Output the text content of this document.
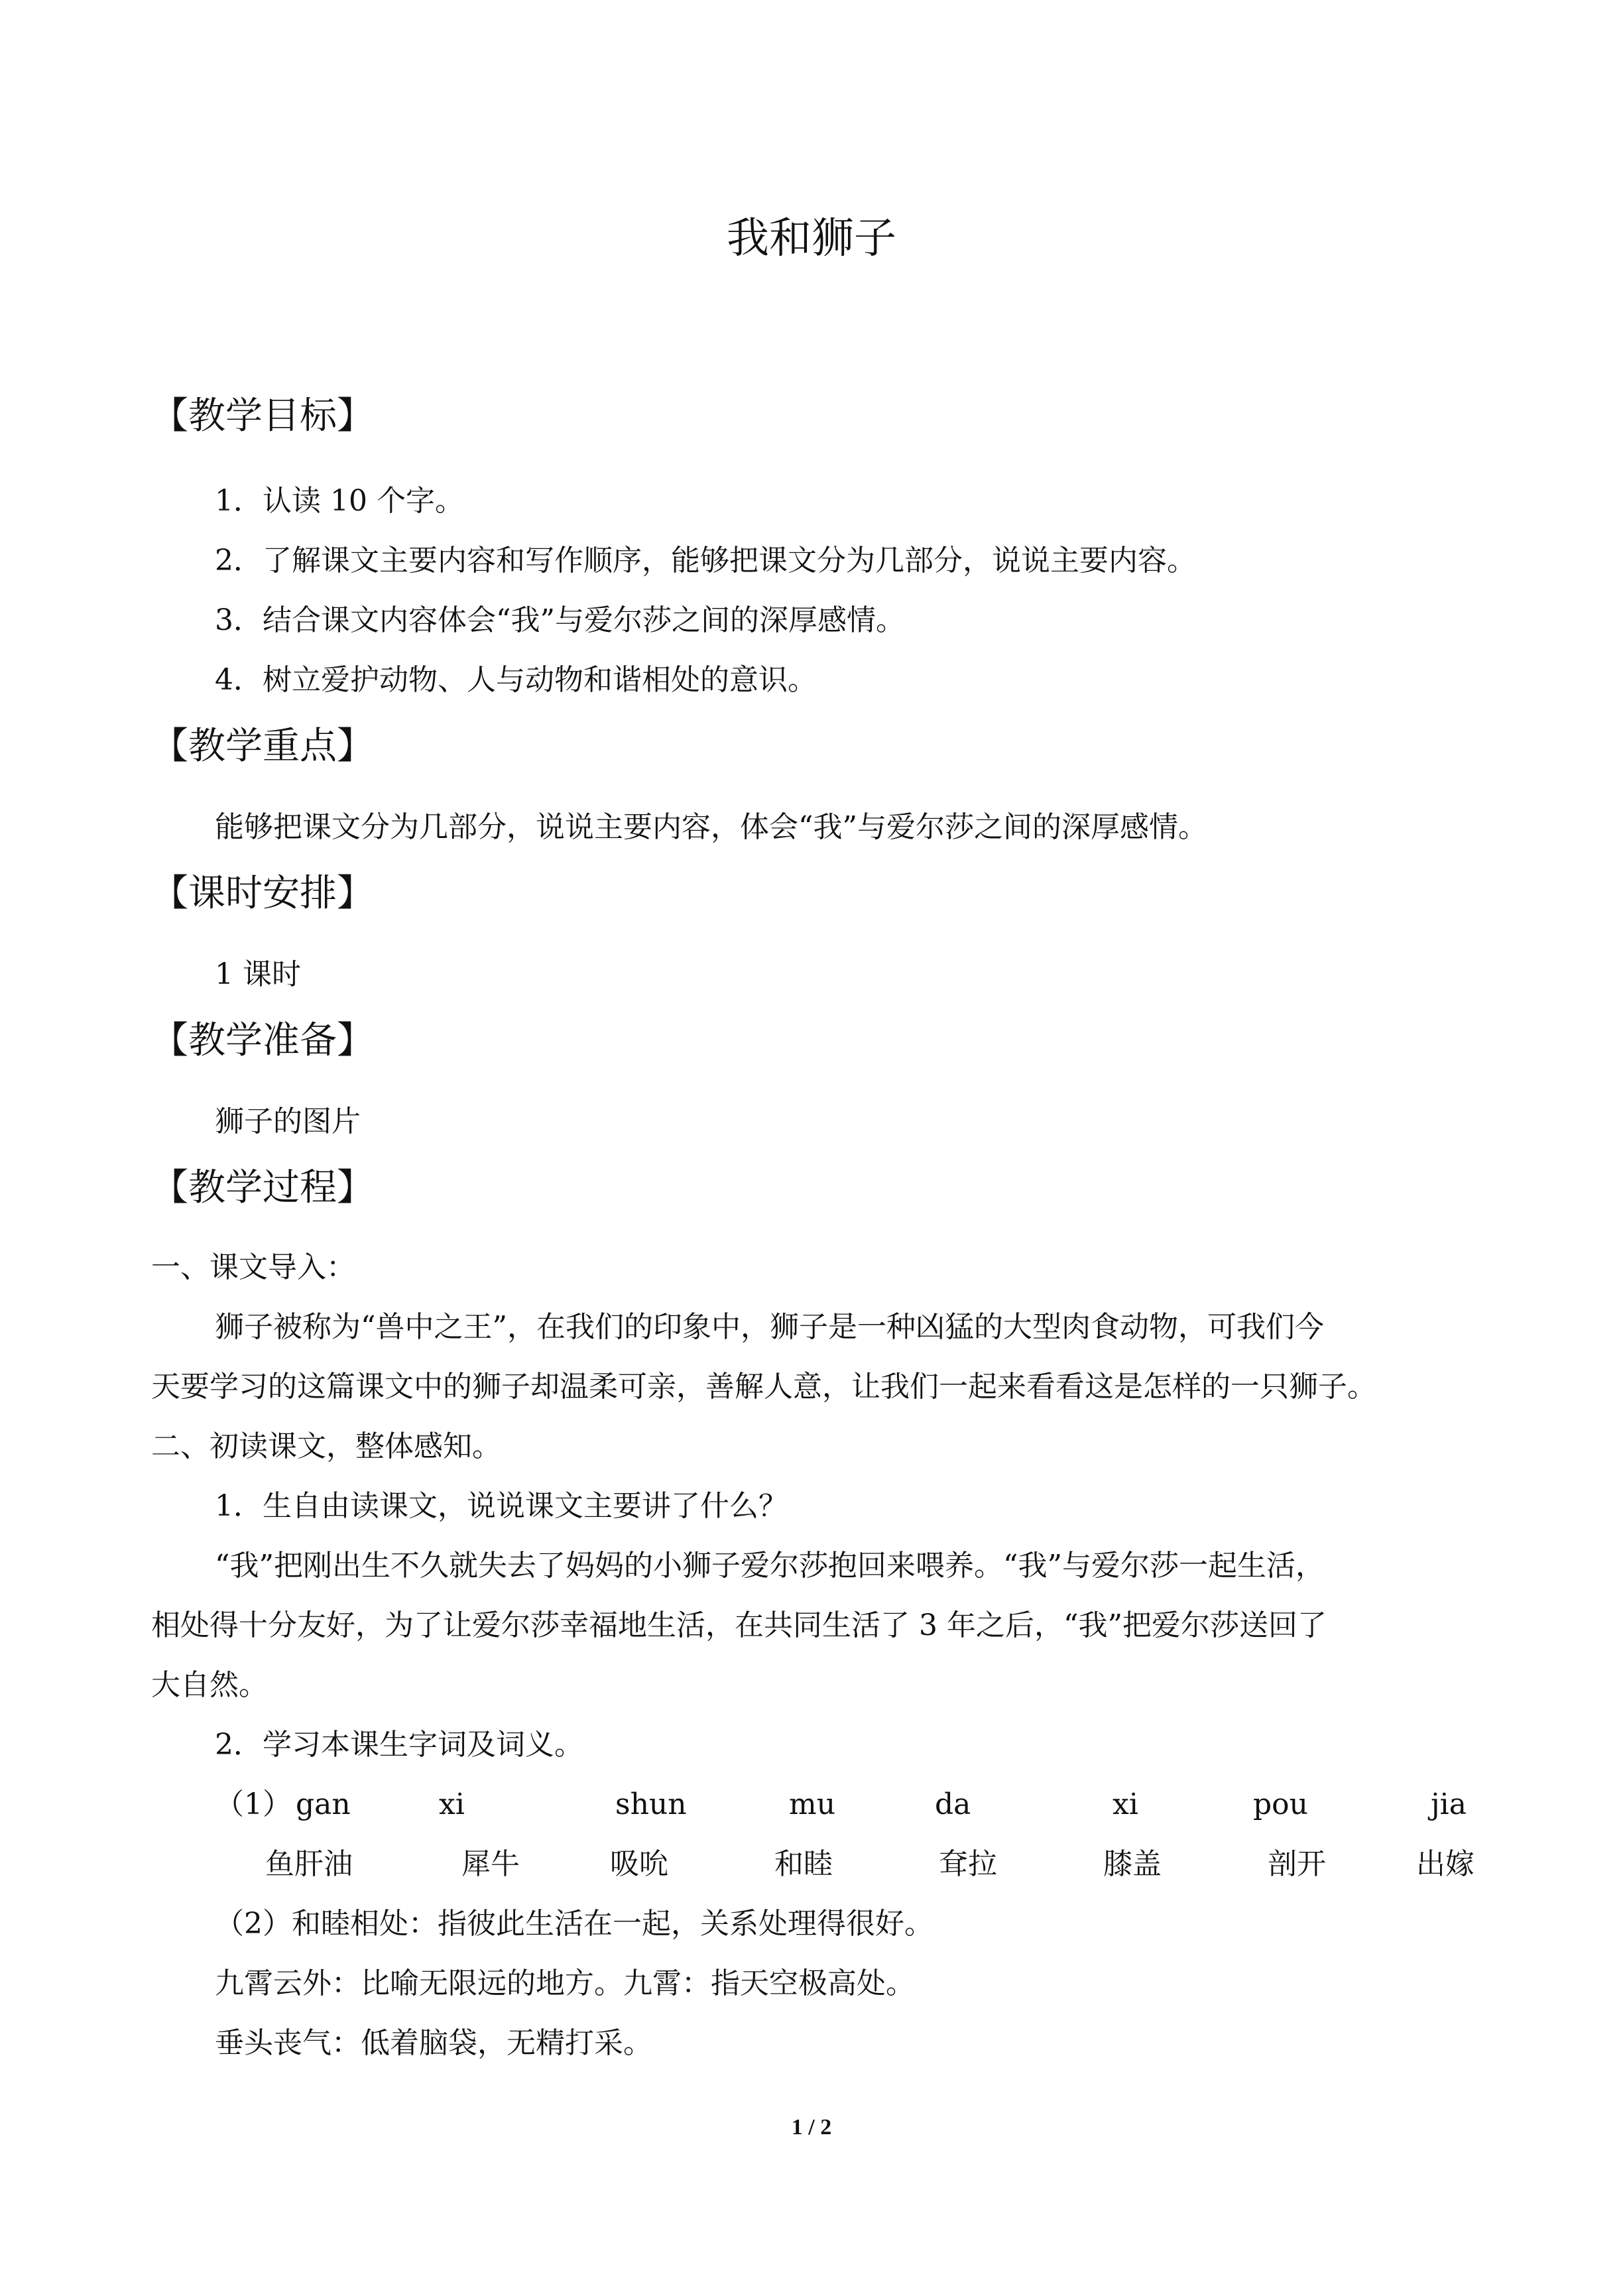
我和狮子
【教学目标】
1．认读 10 个字。
2．了解课文主要内容和写作顺序，能够把课文分为几部分，说说主要内容。
3．结合课文内容体会“我”与爱尔莎之间的深厚感情。
4．树立爱护动物、人与动物和谐相处的意识。
【教学重点】
能够把课文分为几部分，说说主要内容，体会“我”与爱尔莎之间的深厚感情。
【课时安排】
1 课时
【教学准备】
狮子的图片
【教学过程】
一、课文导入：
狮子被称为“兽中之王”，在我们的印象中，狮子是一种凶猛的大型肉食动物，可我们今
天要学习的这篇课文中的狮子却温柔可亲，善解人意，让我们一起来看看这是怎样的一只狮子。
二、初读课文，整体感知。
1．生自由读课文，说说课文主要讲了什么？
“我”把刚出生不久就失去了妈妈的小狮子爱尔莎抱回来喂养。“我”与爱尔莎一起生活，
相处得十分友好，为了让爱尔莎幸福地生活，在共同生活了 3 年之后，“我”把爱尔莎送回了
大自然。
2．学习本课生字词及词义。
（1） gan	xi	shun	mu	da	xi	pou	jia
鱼肝油	犀牛	吸吮	和睦	耷拉	膝盖	剖开	出嫁
（2）和睦相处：指彼此生活在一起，关系处理得很好。
九霄云外：比喻无限远的地方。九霄：指天空极高处。
垂头丧气：低着脑袋，无精打采。
1 / 2
